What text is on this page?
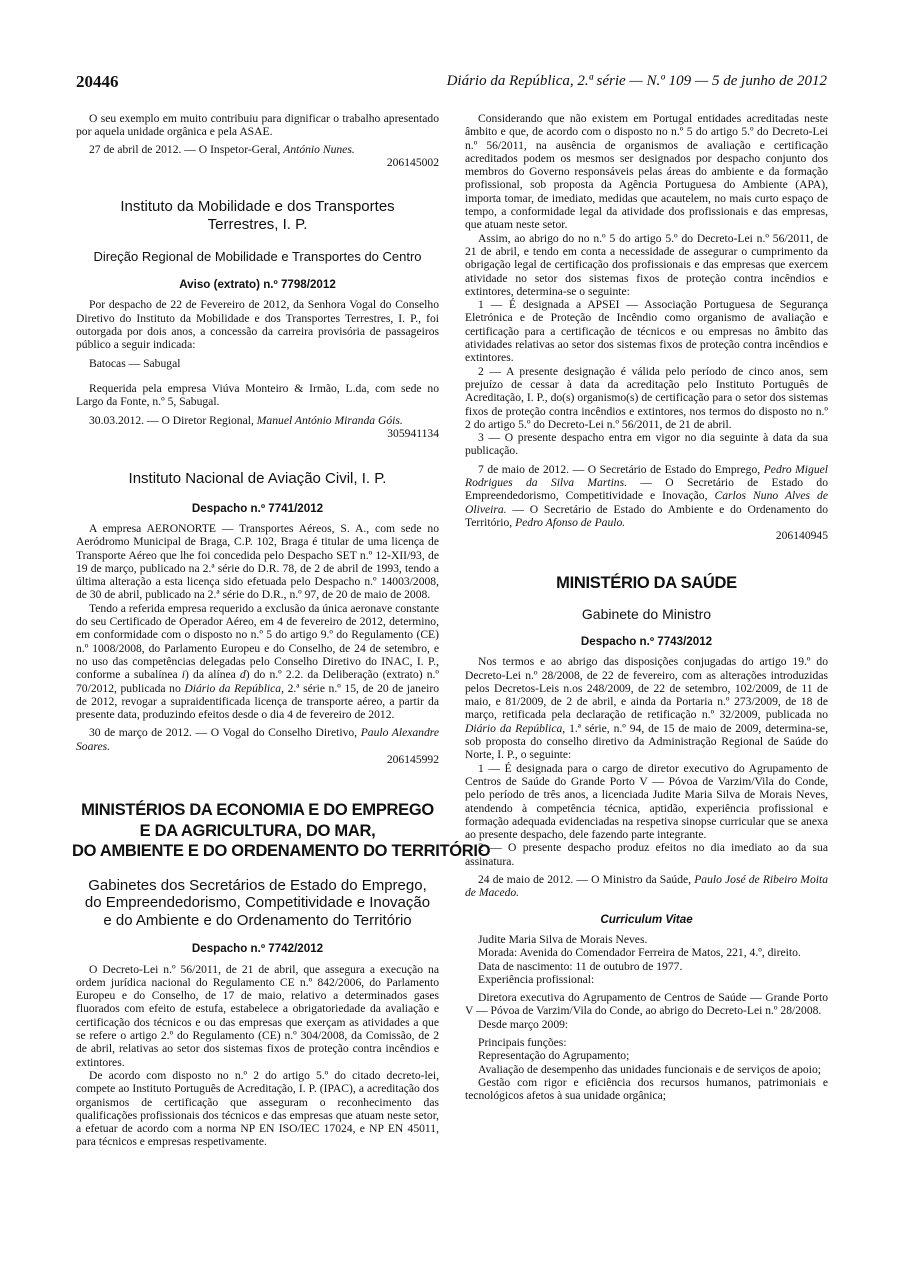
20446	Diário da República, 2.ª série — N.º 109 — 5 de junho de 2012

O seu exemplo em muito contribuiu para dignificar o trabalho apresentado por aquela unidade orgânica e pela ASAE.

27 de abril de 2012. — O Inspetor-Geral, António Nunes.

206145002
Instituto da Mobilidade e dos Transportes Terrestres, I. P.
Direção Regional de Mobilidade e Transportes do Centro
Aviso (extrato) n.º 7798/2012

Por despacho de 22 de Fevereiro de 2012, da Senhora Vogal do Conselho Diretivo do Instituto da Mobilidade e dos Transportes Terrestres, I. P., foi outorgada por dois anos, a concessão da carreira provisória de passageiros público a seguir indicada:

Batocas — Sabugal

Requerida pela empresa Viúva Monteiro & Irmão, L.da, com sede no Largo da Fonte, n.º 5, Sabugal.

30.03.2012. — O Diretor Regional, Manuel António Miranda Góis.

305941134
Instituto Nacional de Aviação Civil, I. P.
Despacho n.º 7741/2012

A empresa AERONORTE — Transportes Aéreos, S. A., com sede no Aeródromo Municipal de Braga, C.P. 102, Braga é titular de uma licença de Transporte Aéreo que lhe foi concedida pelo Despacho SET n.º 12-XII/93, de 19 de março, publicado na 2.ª série do D.R. 78, de 2 de abril de 1993, tendo a última alteração a esta licença sido efetuada pelo Despacho n.º 14003/2008, de 30 de abril, publicado na 2.ª série do D.R., n.º 97, de 20 de maio de 2008.

Tendo a referida empresa requerido a exclusão da única aeronave constante do seu Certificado de Operador Aéreo, em 4 de fevereiro de 2012, determino, em conformidade com o disposto no n.º 5 do artigo 9.º do Regulamento (CE) n.º 1008/2008, do Parlamento Europeu e do Conselho, de 24 de setembro, e no uso das competências delegadas pelo Conselho Diretivo do INAC, I. P., conforme a subalínea i) da alínea d) do n.º 2.2. da Deliberação (extrato) n.º 70/2012, publicada no Diário da República, 2.ª série n.º 15, de 20 de janeiro de 2012, revogar a supraidentificada licença de transporte aéreo, a partir da presente data, produzindo efeitos desde o dia 4 de fevereiro de 2012.

30 de março de 2012. — O Vogal do Conselho Diretivo, Paulo Alexandre Soares.

206145992
MINISTÉRIOS DA ECONOMIA E DO EMPREGO
E DA AGRICULTURA, DO MAR,
DO AMBIENTE E DO ORDENAMENTO DO TERRITÓRIO
Gabinetes dos Secretários de Estado do Emprego, do Empreendedorismo, Competitividade e Inovação e do Ambiente e do Ordenamento do Território
Despacho n.º 7742/2012

O Decreto-Lei n.º 56/2011, de 21 de abril, que assegura a execução na ordem jurídica nacional do Regulamento CE n.º 842/2006, do Parlamento Europeu e do Conselho, de 17 de maio, relativo a determinados gases fluorados com efeito de estufa, estabelece a obrigatoriedade da avaliação e certificação dos técnicos e ou das empresas que exerçam as atividades a que se refere o artigo 2.º do Regulamento (CE) n.º 304/2008, da Comissão, de 2 de abril, relativas ao setor dos sistemas fixos de proteção contra incêndios e extintores.

De acordo com disposto no n.º 2 do artigo 5.º do citado decreto-lei, compete ao Instituto Português de Acreditação, I. P. (IPAC), a acreditação dos organismos de certificação que asseguram o reconhecimento das qualificações profissionais dos técnicos e das empresas que atuam neste setor, a efetuar de acordo com a norma NP EN ISO/IEC 17024, e NP EN 45011, para técnicos e empresas respetivamente.

Considerando que não existem em Portugal entidades acreditadas neste âmbito e que, de acordo com o disposto no n.º 5 do artigo 5.º do Decreto-Lei n.º 56/2011, na ausência de organismos de avaliação e certificação acreditados podem os mesmos ser designados por despacho conjunto dos membros do Governo responsáveis pelas áreas do ambiente e da formação profissional, sob proposta da Agência Portuguesa do Ambiente (APA), importa tomar, de imediato, medidas que acautelem, no mais curto espaço de tempo, a conformidade legal da atividade dos profissionais e das empresas, que atuam neste setor.

Assim, ao abrigo do no n.º 5 do artigo 5.º do Decreto-Lei n.º 56/2011, de 21 de abril, e tendo em conta a necessidade de assegurar o cumprimento da obrigação legal de certificação dos profissionais e das empresas que exercem atividade no setor dos sistemas fixos de proteção contra incêndios e extintores, determina-se o seguinte:

1 — É designada a APSEI — Associação Portuguesa de Segurança Eletrónica e de Proteção de Incêndio como organismo de avaliação e certificação para a certificação de técnicos e ou empresas no âmbito das atividades relativas ao setor dos sistemas fixos de proteção contra incêndios e extintores.

2 — A presente designação é válida pelo período de cinco anos, sem prejuízo de cessar à data da acreditação pelo Instituto Português de Acreditação, I. P., do(s) organismo(s) de certificação para o setor dos sistemas fixos de proteção contra incêndios e extintores, nos termos do disposto no n.º 2 do artigo 5.º do Decreto-Lei n.º 56/2011, de 21 de abril.

3 — O presente despacho entra em vigor no dia seguinte à data da sua publicação.

7 de maio de 2012. — O Secretário de Estado do Emprego, Pedro Miguel Rodrigues da Silva Martins. — O Secretário de Estado do Empreendedorismo, Competitividade e Inovação, Carlos Nuno Alves de Oliveira. — O Secretário de Estado do Ambiente e do Ordenamento do Território, Pedro Afonso de Paulo.

206140945
MINISTÉRIO DA SAÚDE
Gabinete do Ministro
Despacho n.º 7743/2012

Nos termos e ao abrigo das disposições conjugadas do artigo 19.º do Decreto-Lei n.º 28/2008, de 22 de fevereiro, com as alterações introduzidas pelos Decretos-Leis n.os 248/2009, de 22 de setembro, 102/2009, de 11 de maio, e 81/2009, de 2 de abril, e ainda da Portaria n.º 273/2009, de 18 de março, retificada pela declaração de retificação n.º 32/2009, publicada no Diário da República, 1.ª série, n.º 94, de 15 de maio de 2009, determina-se, sob proposta do conselho diretivo da Administração Regional de Saúde do Norte, I. P., o seguinte:

1 — É designada para o cargo de diretor executivo do Agrupamento de Centros de Saúde do Grande Porto V — Póvoa de Varzim/Vila do Conde, pelo período de três anos, a licenciada Judite Maria Silva de Morais Neves, atendendo à competência técnica, aptidão, experiência profissional e formação adequada evidenciadas na respetiva sinopse curricular que se anexa ao presente despacho, dele fazendo parte integrante.

2 — O presente despacho produz efeitos no dia imediato ao da sua assinatura.

24 de maio de 2012. — O Ministro da Saúde, Paulo José de Ribeiro Moita de Macedo.

Curriculum Vitae

Judite Maria Silva de Morais Neves.

Morada: Avenida do Comendador Ferreira de Matos, 221, 4.º, direito.

Data de nascimento: 11 de outubro de 1977.

Experiência profissional:

Diretora executiva do Agrupamento de Centros de Saúde — Grande Porto V — Póvoa de Varzim/Vila do Conde, ao abrigo do Decreto-Lei n.º 28/2008.

Desde março 2009:

Principais funções:

Representação do Agrupamento;

Avaliação de desempenho das unidades funcionais e de serviços de apoio;

Gestão com rigor e eficiência dos recursos humanos, patrimoniais e tecnológicos afetos à sua unidade orgânica;
